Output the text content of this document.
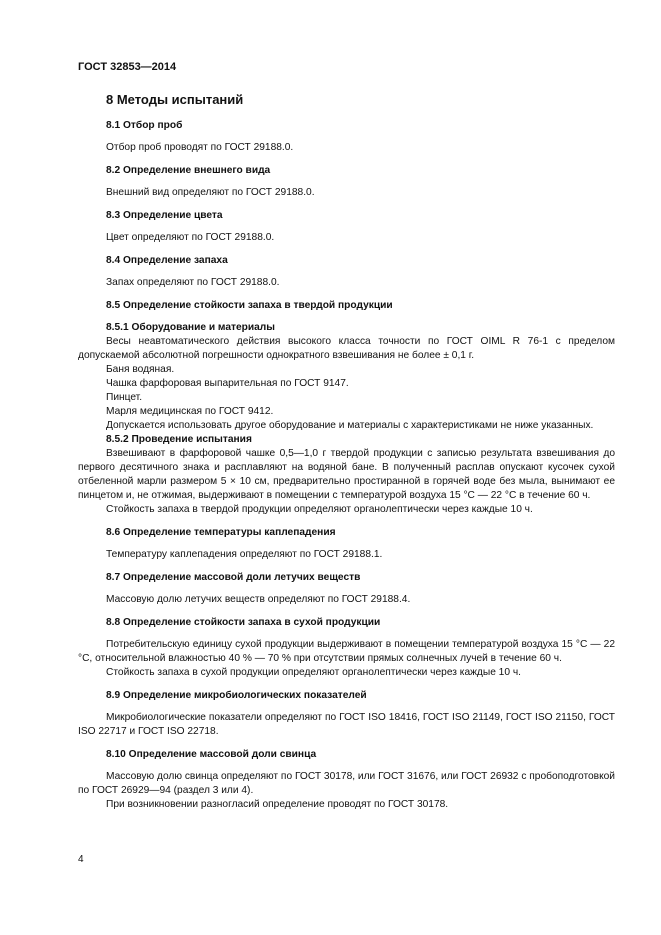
ГОСТ 32853—2014
8 Методы испытаний
8.1 Отбор проб

Отбор проб проводят по ГОСТ 29188.0.

8.2 Определение внешнего вида

Внешний вид определяют по ГОСТ 29188.0.

8.3 Определение цвета

Цвет определяют по ГОСТ 29188.0.

8.4 Определение запаха

Запах определяют по ГОСТ 29188.0.

8.5 Определение стойкости запаха в твердой продукции
8.5.1 Оборудование и материалы

Весы неавтоматического действия высокого класса точности по ГОСТ OIML R 76-1 с пределом допускаемой абсолютной погрешности однократного взвешивания не более ± 0,1 г.

Баня водяная.

Чашка фарфоровая выпарительная по ГОСТ 9147.

Пинцет.

Марля медицинская по ГОСТ 9412.

Допускается использовать другое оборудование и материалы с характеристиками не ниже указанных.

8.5.2 Проведение испытания

Взвешивают в фарфоровой чашке 0,5—1,0 г твердой продукции с записью результата взвешивания до первого десятичного знака и расплавляют на водяной бане. В полученный расплав опускают кусочек сухой отбеленной марли размером 5 × 10 см, предварительно простиранной в горячей воде без мыла, вынимают ее пинцетом и, не отжимая, выдерживают в помещении с температурой воздуха 15 °С — 22 °С в течение 60 ч.

Стойкость запаха в твердой продукции определяют органолептически через каждые 10 ч.

8.6 Определение температуры каплепадения

Температуру каплепадения определяют по ГОСТ 29188.1.

8.7 Определение массовой доли летучих веществ

Массовую долю летучих веществ определяют по ГОСТ 29188.4.

8.8 Определение стойкости запаха в сухой продукции

Потребительскую единицу сухой продукции выдерживают в помещении температурой воздуха 15 °С — 22 °С, относительной влажностью 40 % — 70 % при отсутствии прямых солнечных лучей в течение 60 ч.

Стойкость запаха в сухой продукции определяют органолептически через каждые 10 ч.

8.9 Определение микробиологических показателей

Микробиологические показатели определяют по ГОСТ ISO 18416, ГОСТ ISO 21149, ГОСТ ISO 21150, ГОСТ ISO 22717 и ГОСТ ISO 22718.

8.10 Определение массовой доли свинца

Массовую долю свинца определяют по ГОСТ 30178, или ГОСТ 31676, или ГОСТ 26932 с пробоподготовкой по ГОСТ 26929—94 (раздел 3 или 4).

При возникновении разногласий определение проводят по ГОСТ 30178.

4
